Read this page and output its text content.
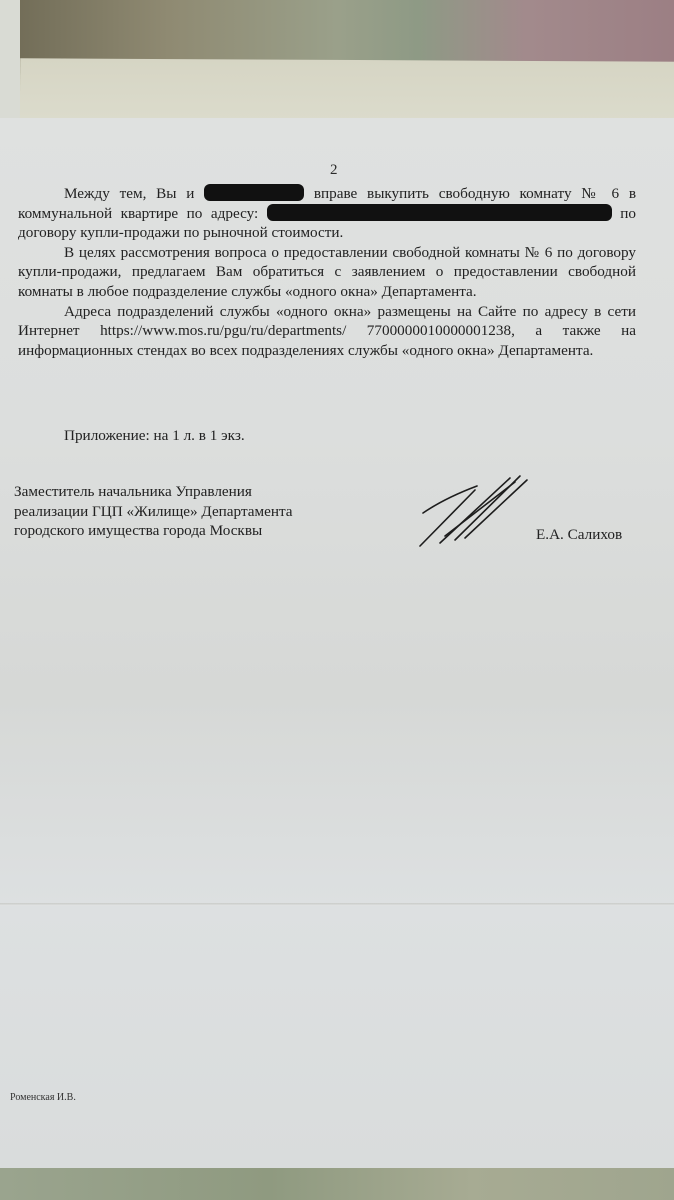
2

Между тем, Вы и	вправе выкупить свободную комнату № 6 в коммунальной квартире по адресу:	по договору купли-продажи по рыночной стоимости.

В целях рассмотрения вопроса о предоставлении свободной комнаты № 6 по договору купли-продажи, предлагаем Вам обратиться с заявлением о предоставлении свободной комнаты в любое подразделение службы «одного окна» Департамента.

Адреса подразделений службы «одного окна» размещены на Сайте по адресу в сети Интернет https://www.mos.ru/pgu/ru/departments/ 7700000010000001238, а также на информационных стендах во всех подразделениях службы «одного окна» Департамента.

Приложение: на 1 л. в 1 экз.
Заместитель начальника Управления
реализации ГЦП «Жилище» Департамента
городского имущества города Москвы	Е.А. Салихов
Роменская И.В.
